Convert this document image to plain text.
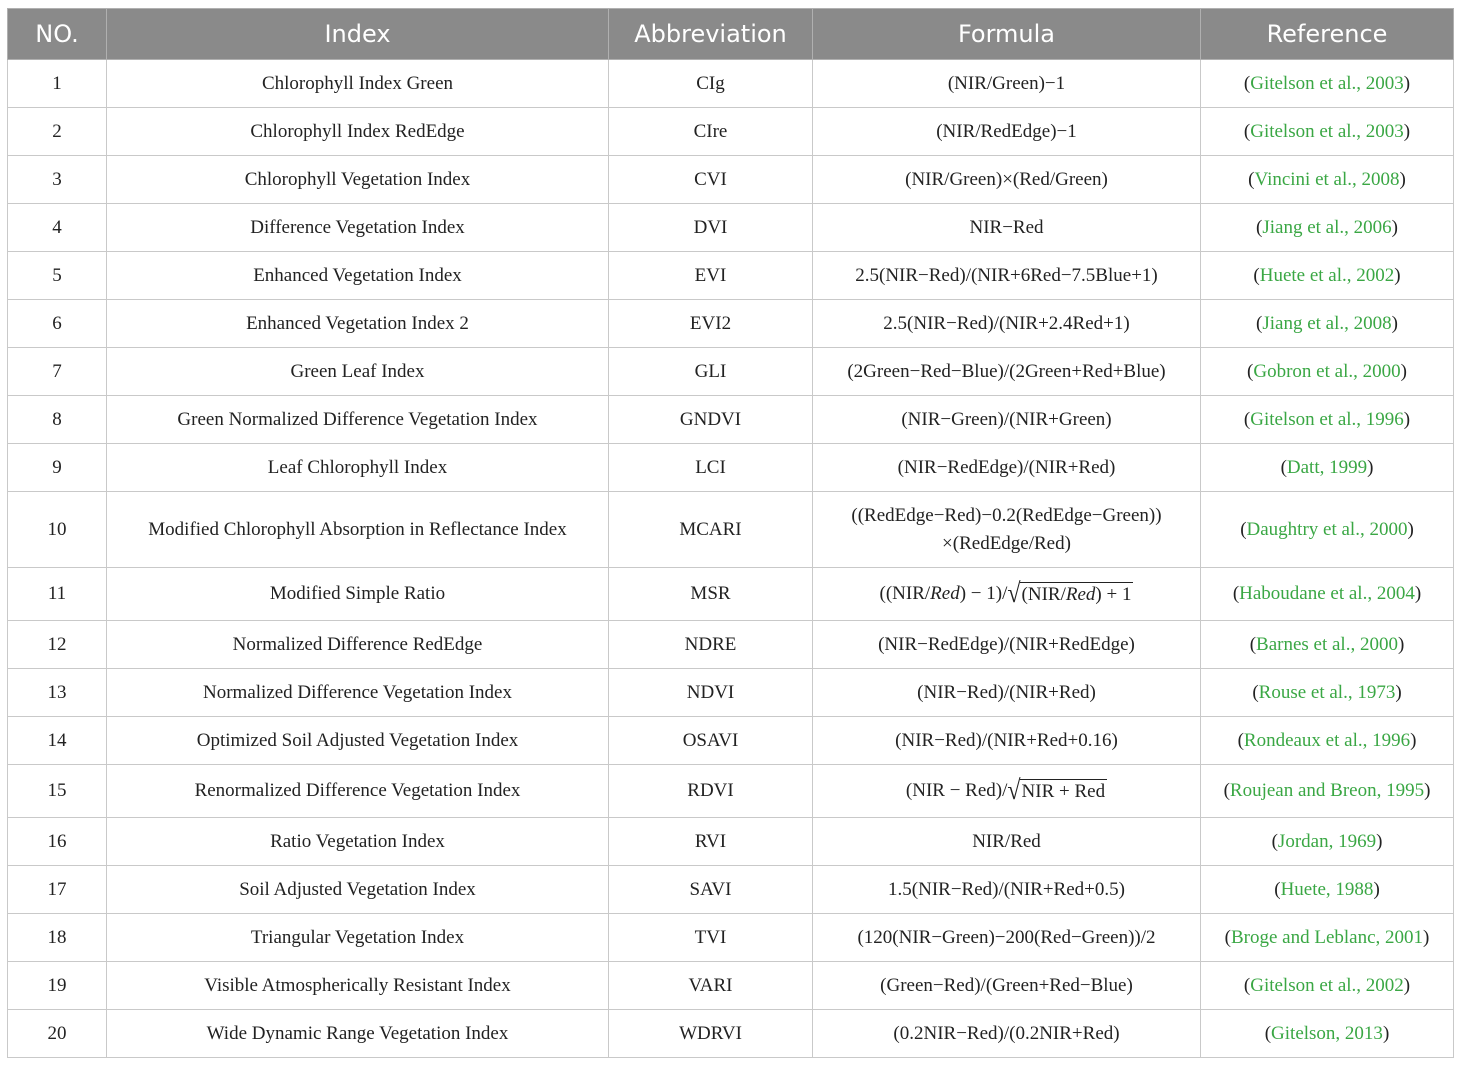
NO.	Index	Abbreviation	Formula	Reference
1	Chlorophyll Index Green	CIg	(NIR/Green)−1	(Gitelson et al., 2003)
2	Chlorophyll Index RedEdge	CIre	(NIR/RedEdge)−1	(Gitelson et al., 2003)
3	Chlorophyll Vegetation Index	CVI	(NIR/Green)×(Red/Green)	(Vincini et al., 2008)
4	Difference Vegetation Index	DVI	NIR−Red	(Jiang et al., 2006)
5	Enhanced Vegetation Index	EVI	2.5(NIR−Red)/(NIR+6Red−7.5Blue+1)	(Huete et al., 2002)
6	Enhanced Vegetation Index 2	EVI2	2.5(NIR−Red)/(NIR+2.4Red+1)	(Jiang et al., 2008)
7	Green Leaf Index	GLI	(2Green−Red−Blue)/(2Green+Red+Blue)	(Gobron et al., 2000)
8	Green Normalized Difference Vegetation Index	GNDVI	(NIR−Green)/(NIR+Green)	(Gitelson et al., 1996)
9	Leaf Chlorophyll Index	LCI	(NIR−RedEdge)/(NIR+Red)	(Datt, 1999)
10	Modified Chlorophyll Absorption in Reflectance Index	MCARI	((RedEdge−Red)−0.2(RedEdge−Green))
×(RedEdge/Red)	(Daughtry et al., 2000)
11	Modified Simple Ratio	MSR	((NIR/Red) − 1)/√(NIR/Red) + 1	(Haboudane et al., 2004)
12	Normalized Difference RedEdge	NDRE	(NIR−RedEdge)/(NIR+RedEdge)	(Barnes et al., 2000)
13	Normalized Difference Vegetation Index	NDVI	(NIR−Red)/(NIR+Red)	(Rouse et al., 1973)
14	Optimized Soil Adjusted Vegetation Index	OSAVI	(NIR−Red)/(NIR+Red+0.16)	(Rondeaux et al., 1996)
15	Renormalized Difference Vegetation Index	RDVI	(NIR − Red)/√NIR + Red	(Roujean and Breon, 1995)
16	Ratio Vegetation Index	RVI	NIR/Red	(Jordan, 1969)
17	Soil Adjusted Vegetation Index	SAVI	1.5(NIR−Red)/(NIR+Red+0.5)	(Huete, 1988)
18	Triangular Vegetation Index	TVI	(120(NIR−Green)−200(Red−Green))/2	(Broge and Leblanc, 2001)
19	Visible Atmospherically Resistant Index	VARI	(Green−Red)/(Green+Red−Blue)	(Gitelson et al., 2002)
20	Wide Dynamic Range Vegetation Index	WDRVI	(0.2NIR−Red)/(0.2NIR+Red)	(Gitelson, 2013)
